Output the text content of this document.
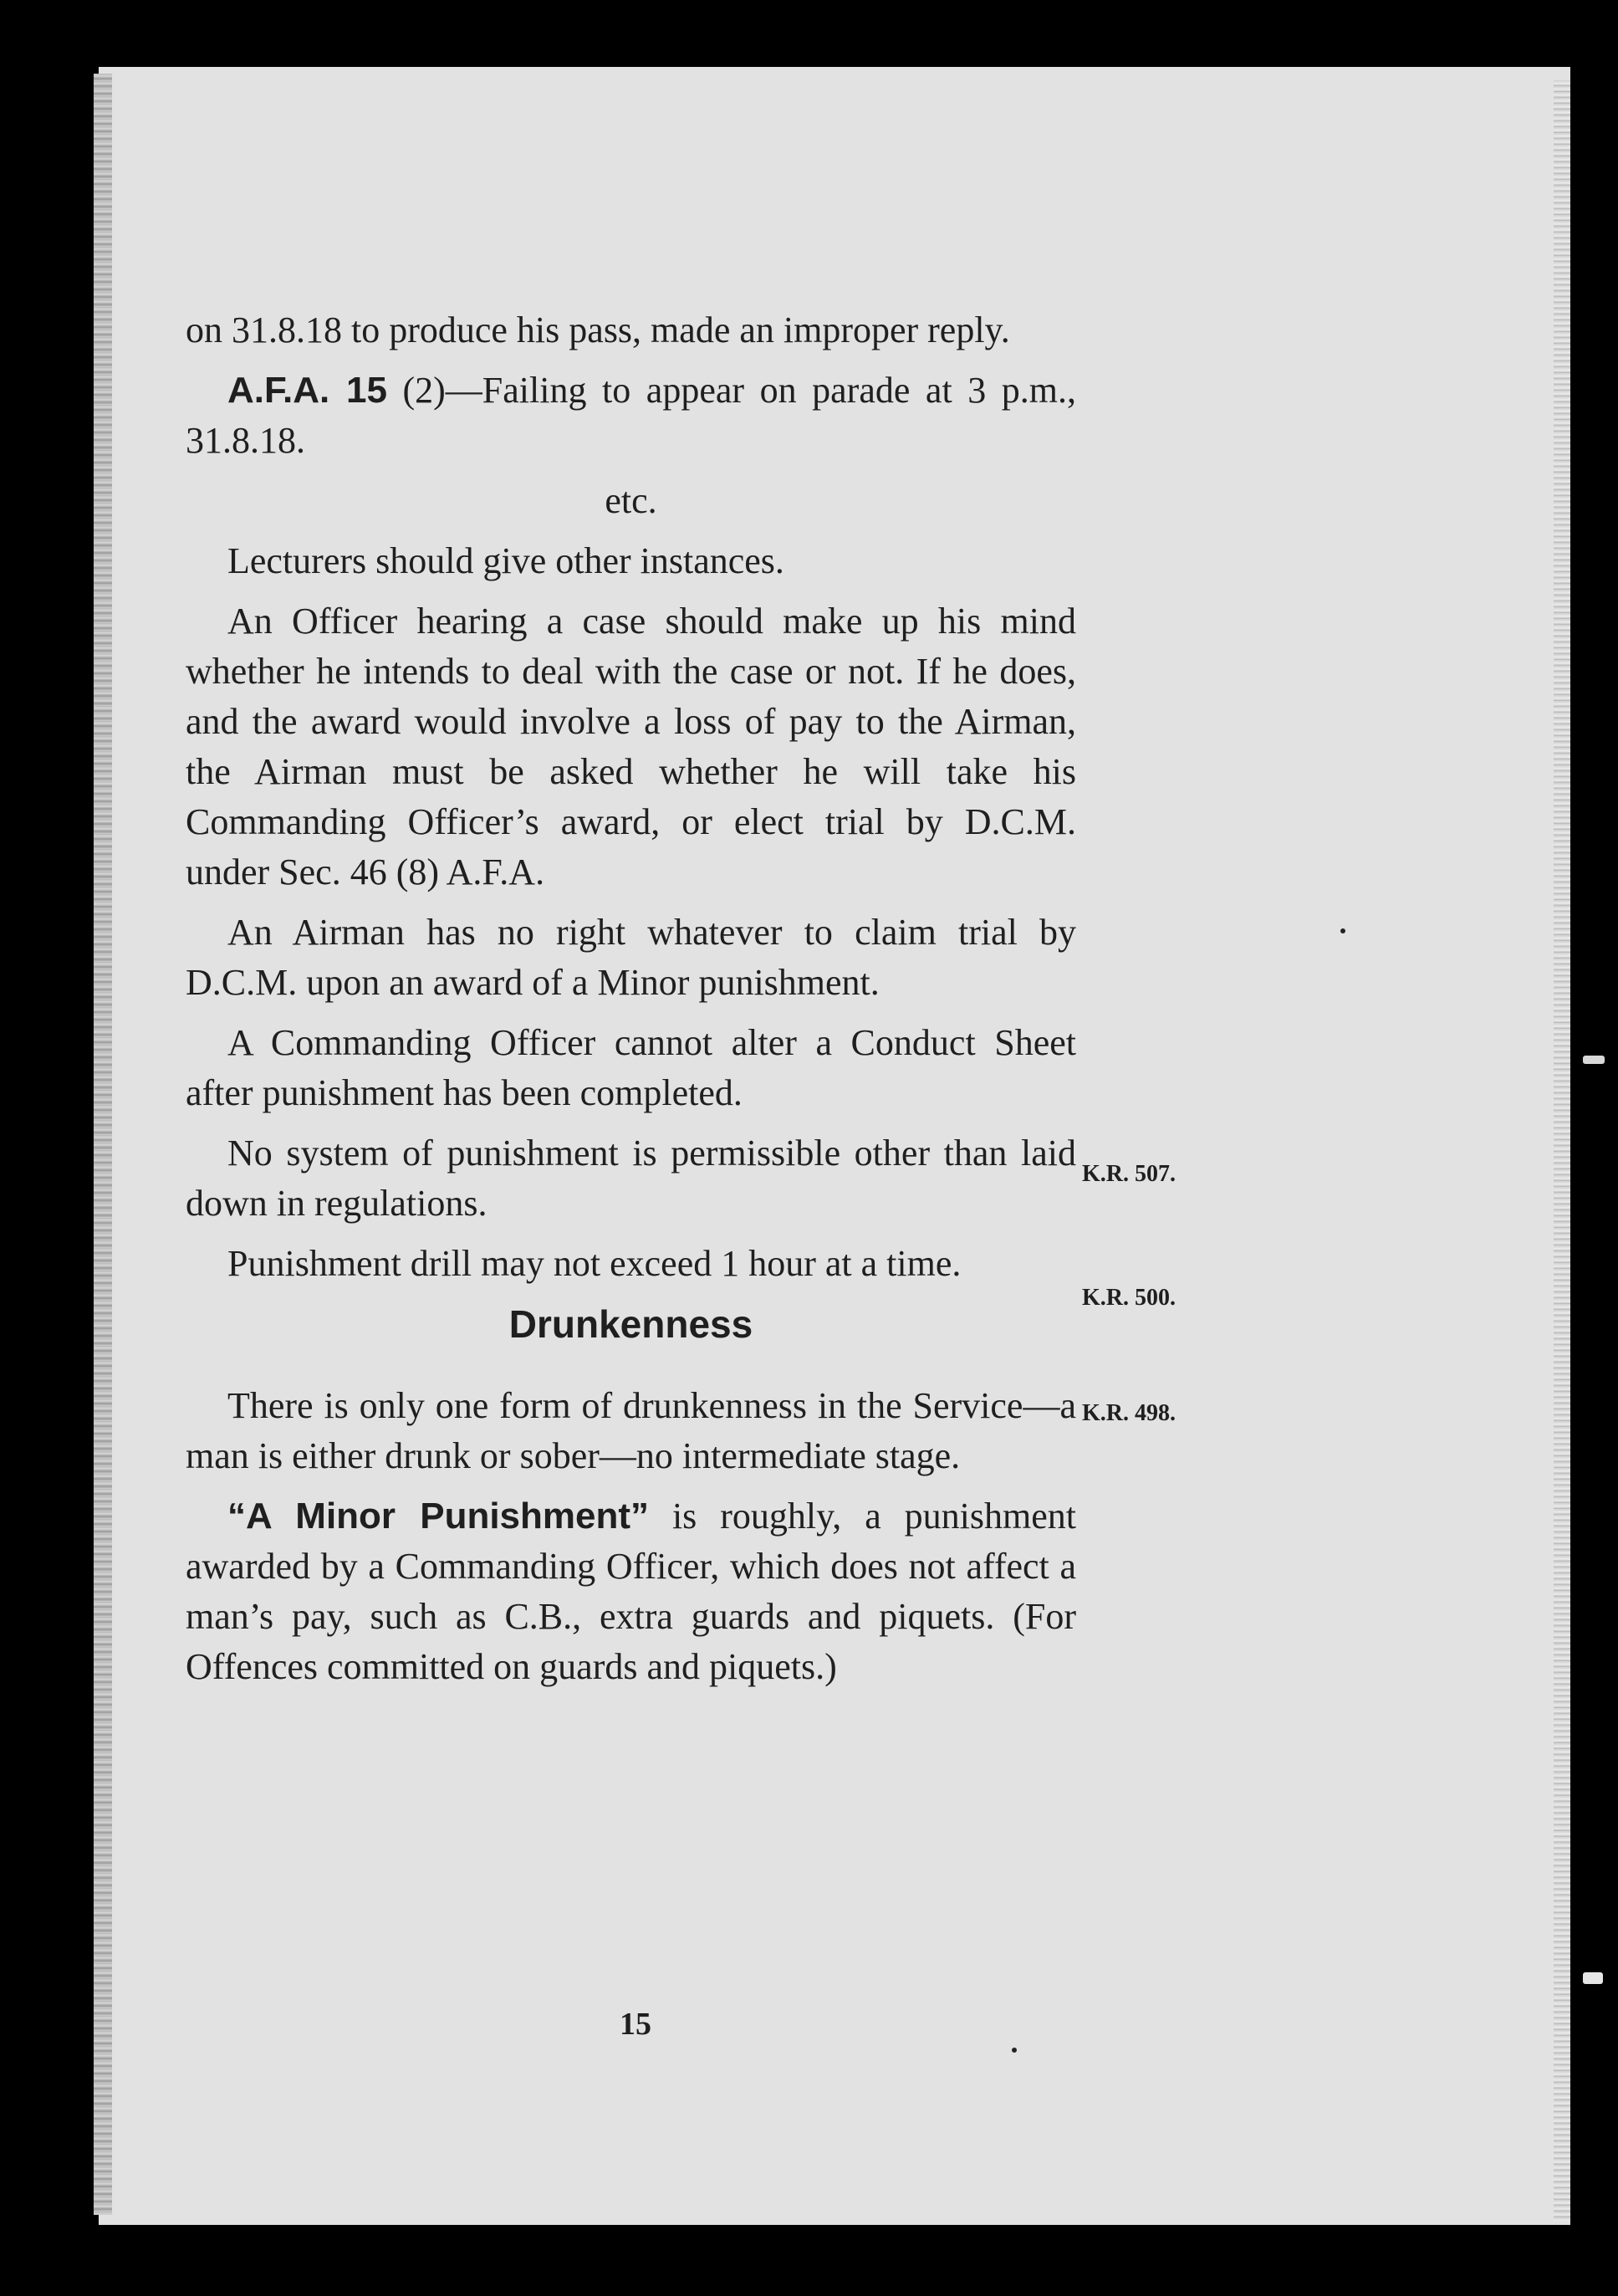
on 31.8.18 to produce his pass, made an improper reply.

A.F.A. 15 (2)—Failing to appear on parade at 3 p.m., 31.8.18.

etc.

Lecturers should give other instances.

An Officer hearing a case should make up his mind whether he intends to deal with the case or not. If he does, and the award would involve a loss of pay to the Airman, the Airman must be asked whether he will take his Commanding Officer’s award, or elect trial by D.C.M. under Sec. 46 (8) A.F.A.

An Airman has no right whatever to claim trial by D.C.M. upon an award of a Minor punishment.

A Commanding Officer cannot alter a Conduct Sheet after punishment has been completed.

No system of punishment is permissible other than laid down in regulations.

Punishment drill may not exceed 1 hour at a time.

Drunkenness

There is only one form of drunkenness in the Service—a man is either drunk or sober—no intermediate stage.

“A Minor Punishment” is roughly, a punishment awarded by a Commanding Officer, which does not affect a man’s pay, such as C.B., extra guards and piquets. (For Offences committed on guards and piquets.)

K.R. 507.
K.R. 500.
K.R. 498.
15
